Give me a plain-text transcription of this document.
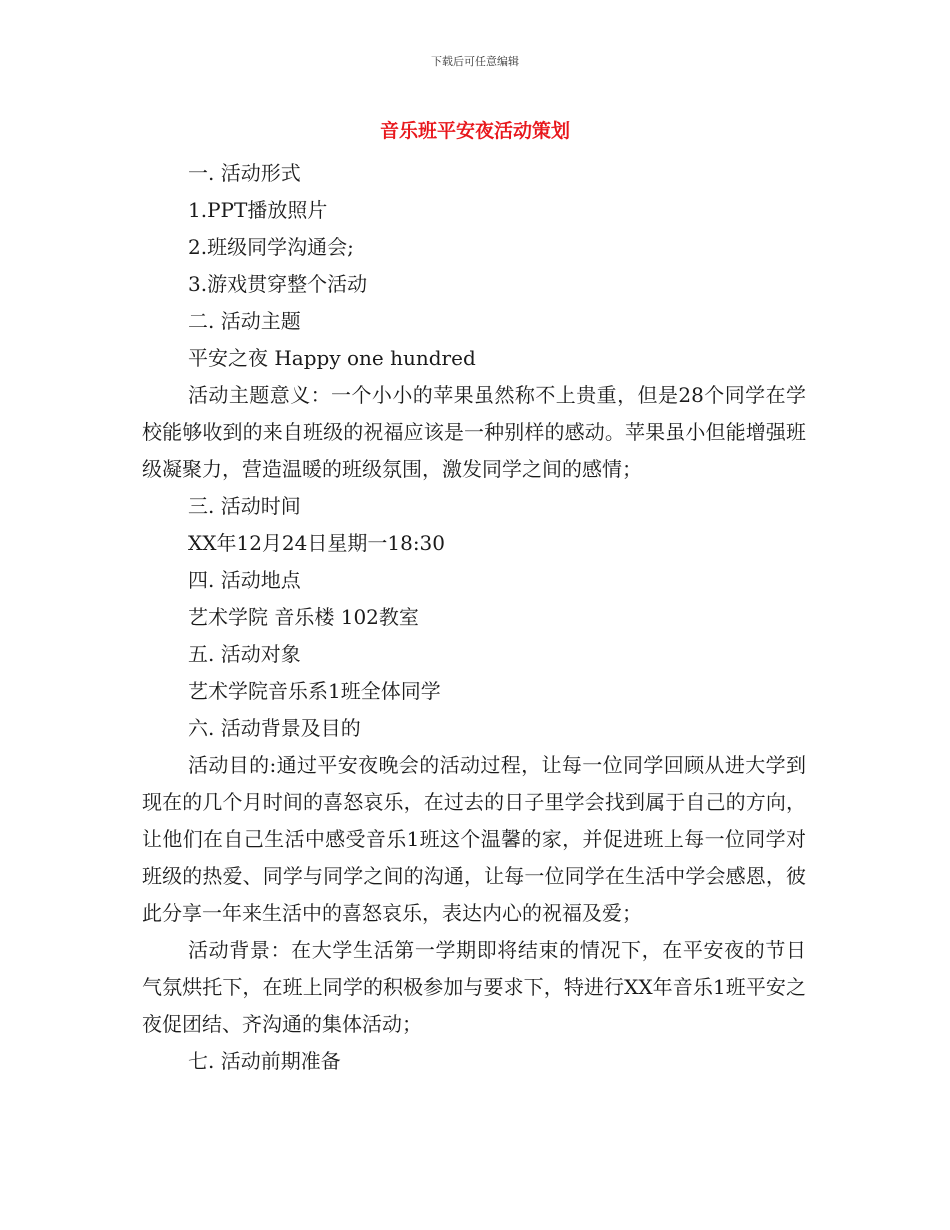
下载后可任意编辑
音乐班平安夜活动策划
一. 活动形式
1.PPT播放照片
2.班级同学沟通会;
3.游戏贯穿整个活动
二. 活动主题
平安之夜 Happy one hundred

活动主题意义：一个小小的苹果虽然称不上贵重，但是28个同学在学校能够收到的来自班级的祝福应该是一种别样的感动。苹果虽小但能增强班级凝聚力，营造温暖的班级氛围，激发同学之间的感情；

三. 活动时间
XX年12月24日星期一18:30
四. 活动地点
艺术学院 音乐楼 102教室
五. 活动对象
艺术学院音乐系1班全体同学
六. 活动背景及目的

活动目的:通过平安夜晚会的活动过程，让每一位同学回顾从进大学到现在的几个月时间的喜怒哀乐，在过去的日子里学会找到属于自己的方向，让他们在自己生活中感受音乐1班这个温馨的家，并促进班上每一位同学对班级的热爱、同学与同学之间的沟通，让每一位同学在生活中学会感恩，彼此分享一年来生活中的喜怒哀乐，表达内心的祝福及爱；

活动背景：在大学生活第一学期即将结束的情况下，在平安夜的节日气氛烘托下，在班上同学的积极参加与要求下，特进行XX年音乐1班平安之夜促团结、齐沟通的集体活动；

七. 活动前期准备
